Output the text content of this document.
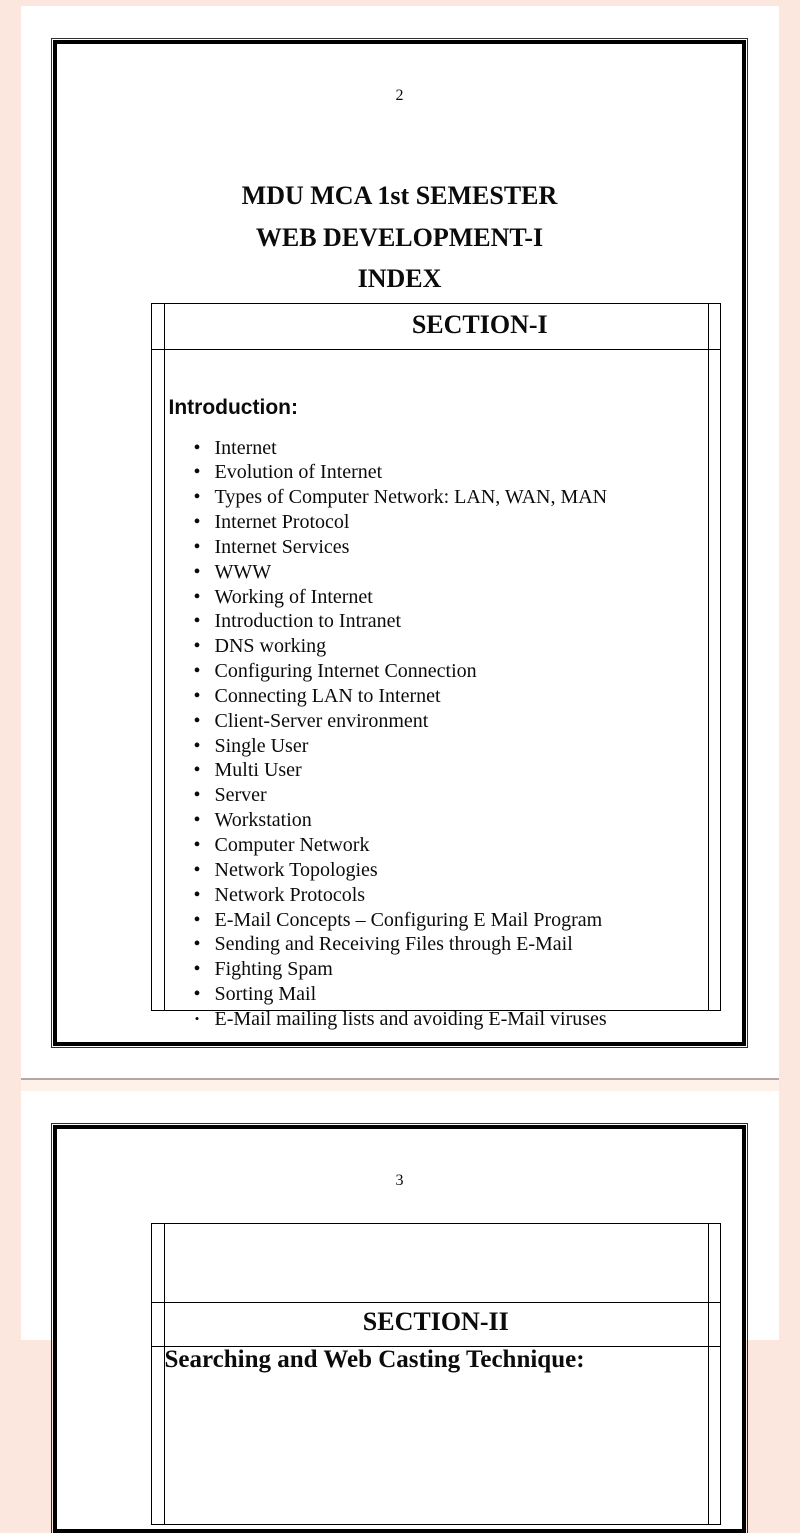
2
MDU MCA 1st SEMESTER
WEB DEVELOPMENT-I
INDEX
SECTION-I
Introduction:
• Internet
• Evolution of Internet
• Types of Computer Network: LAN, WAN, MAN
• Internet Protocol
• Internet Services
• WWW
• Working of Internet
• Introduction to Intranet
• DNS working
• Configuring Internet Connection
• Connecting LAN to Internet
• Client-Server environment
• Single User
• Multi User
• Server
• Workstation
• Computer Network
• Network Topologies
• Network Protocols
• E-Mail Concepts – Configuring E Mail Program
• Sending and Receiving Files through E-Mail
• Fighting Spam
• Sorting Mail
• E-Mail mailing lists and avoiding E-Mail viruses
3
SECTION-II
Searching and Web Casting Technique:
